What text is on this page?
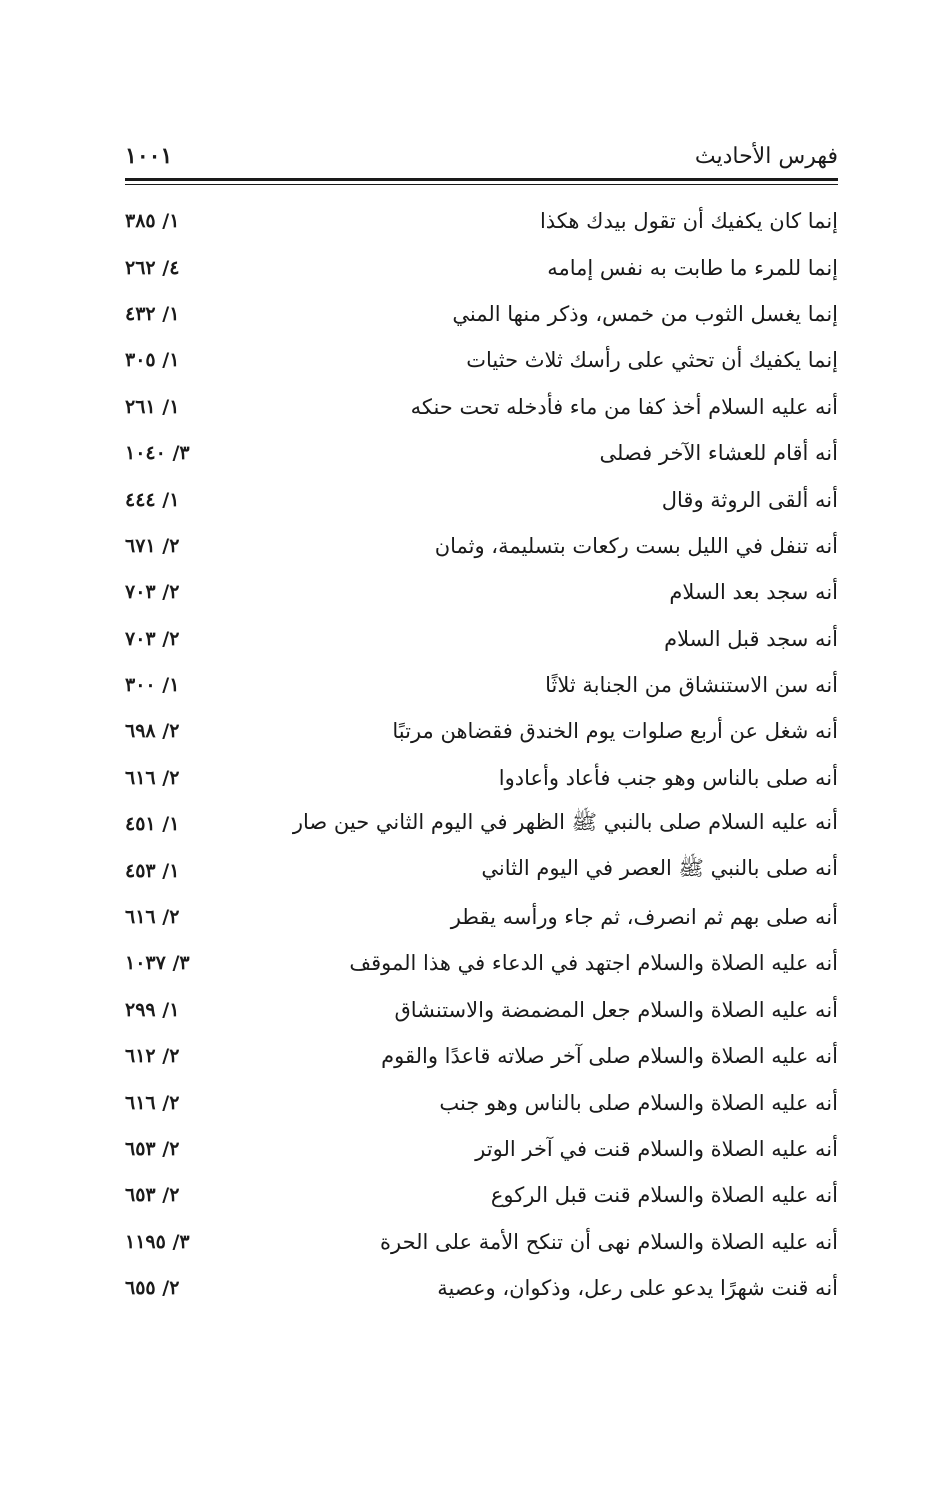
فهرس الأحاديث
١٠٠١
إنما كان يكفيك أن تقول بيدك هكذا
١/ ٣٨٥
إنما للمرء ما طابت به نفس إمامه
٤/ ٢٦٢
إنما يغسل الثوب من خمس، وذكر منها المني
١/ ٤٣٢
إنما يكفيك أن تحثي على رأسك ثلاث حثيات
١/ ٣٠٥
أنه عليه السلام أخذ كفا من ماء فأدخله تحت حنكه
١/ ٢٦١
أنه أقام للعشاء الآخر فصلى
٣/ ١٠٤٠
أنه ألقى الروثة وقال
١/ ٤٤٤
أنه تنفل في الليل بست ركعات بتسليمة، وثمان
٢/ ٦٧١
أنه سجد بعد السلام
٢/ ٧٠٣
أنه سجد قبل السلام
٢/ ٧٠٣
أنه سن الاستنشاق من الجنابة ثلاثًا
١/ ٣٠٠
أنه شغل عن أربع صلوات يوم الخندق فقضاهن مرتبًا
٢/ ٦٩٨
أنه صلى بالناس وهو جنب فأعاد وأعادوا
٢/ ٦١٦
أنه عليه السلام صلى بالنبي ﷺ الظهر في اليوم الثاني حين صار
١/ ٤٥١
أنه صلى بالنبي ﷺ العصر في اليوم الثاني
١/ ٤٥٣
أنه صلى بهم ثم انصرف، ثم جاء ورأسه يقطر
٢/ ٦١٦
أنه عليه الصلاة والسلام اجتهد في الدعاء في هذا الموقف
٣/ ١٠٣٧
أنه عليه الصلاة والسلام جعل المضمضة والاستنشاق
١/ ٢٩٩
أنه عليه الصلاة والسلام صلى آخر صلاته قاعدًا والقوم
٢/ ٦١٢
أنه عليه الصلاة والسلام صلى بالناس وهو جنب
٢/ ٦١٦
أنه عليه الصلاة والسلام قنت في آخر الوتر
٢/ ٦٥٣
أنه عليه الصلاة والسلام قنت قبل الركوع
٢/ ٦٥٣
أنه عليه الصلاة والسلام نهى أن تنكح الأمة على الحرة
٣/ ١١٩٥
أنه قنت شهرًا يدعو على رعل، وذكوان، وعصية
٢/ ٦٥٥
